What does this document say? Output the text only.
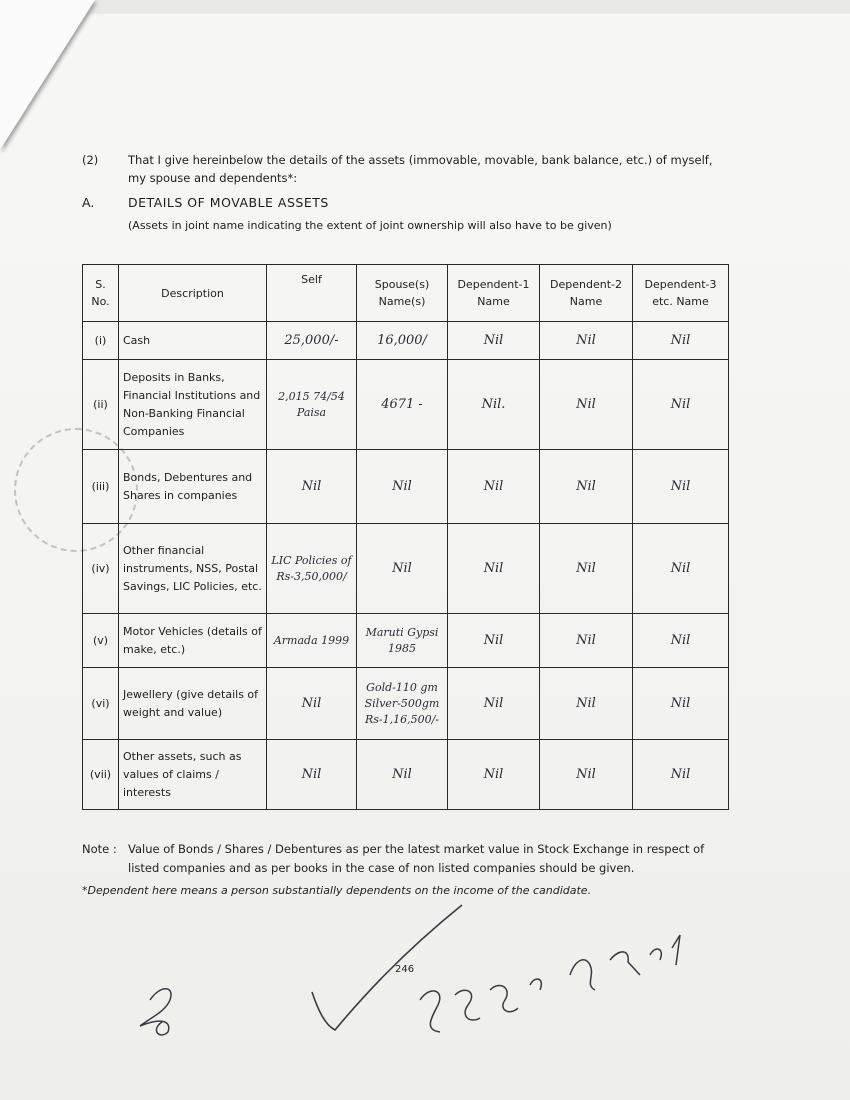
(2)	That I give hereinbelow the details of the assets (immovable, movable, bank balance, etc.) of myself, my spouse and dependents*:
A.	DETAILS OF MOVABLE ASSETS
(Assets in joint name indicating the extent of joint ownership will also have to be given)
S. No.	Description	Self	Spouse(s) Name(s)	Dependent-1 Name	Dependent-2 Name	Dependent-3 etc. Name
(i)	Cash	25,000/-	16,000/	Nil	Nil	Nil
(ii)	Deposits in Banks, Financial Institutions and Non-Banking Financial Companies	2,015 74/54 Paisa	4671 -	Nil.	Nil	Nil
(iii)	Bonds, Debentures and Shares in companies	Nil	Nil	Nil	Nil	Nil
(iv)	Other financial instruments, NSS, Postal Savings, LIC Policies, etc.	LIC Policies of Rs-3,50,000/	Nil	Nil	Nil	Nil
(v)	Motor Vehicles (details of make, etc.)	Armada 1999	Maruti Gypsi 1985	Nil	Nil	Nil
(vi)	Jewellery (give details of weight and value)	Nil	Gold-110 gm Silver-500gm Rs-1,16,500/-	Nil	Nil	Nil
(vii)	Other assets, such as values of claims / interests	Nil	Nil	Nil	Nil	Nil
Note : Value of Bonds / Shares / Debentures as per the latest market value in Stock Exchange in respect of listed companies and as per books in the case of non listed companies should be given.
*Dependent here means a person substantially dependents on the income of the candidate.
246
